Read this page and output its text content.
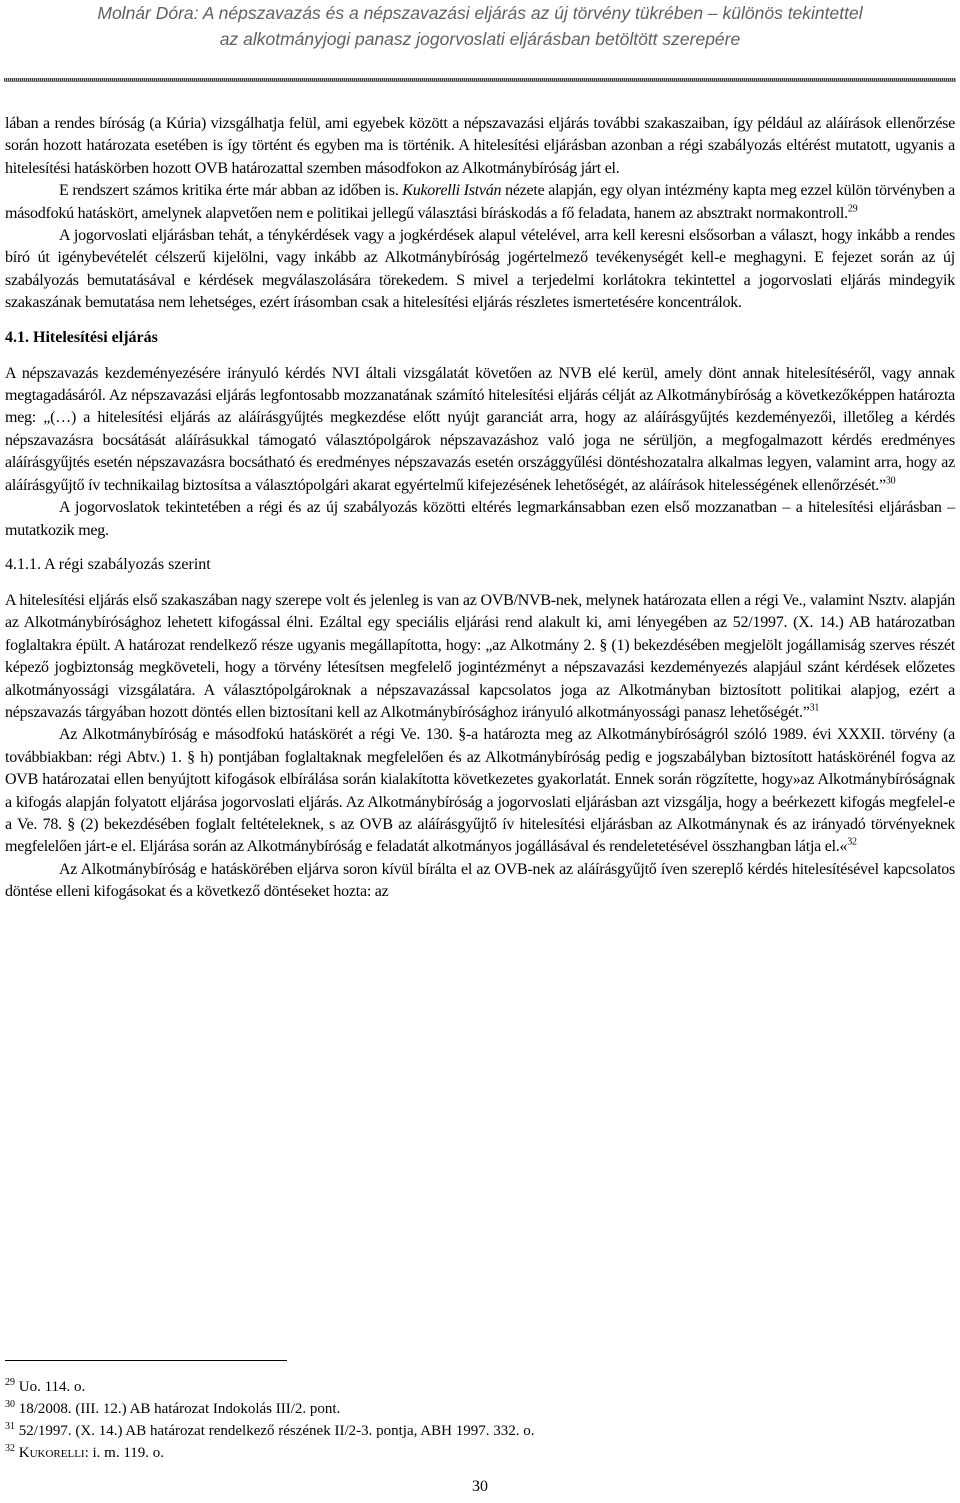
Molnár Dóra: A népszavazás és a népszavazási eljárás az új törvény tükrében – különös tekintettel
az alkotmányjogi panasz jogorvoslati eljárásban betöltött szerepére

lában a rendes bíróság (a Kúria) vizsgálhatja felül, ami egyebek között a népszavazási eljárás további szakaszaiban, így például az aláírások ellenőrzése során hozott határozata esetében is így történt és egyben ma is történik. A hitelesítési eljárásban azonban a régi szabályozás eltérést mutatott, ugyanis a hitelesítési hatáskörben hozott OVB határozattal szemben másodfokon az Alkotmánybíróság járt el.

E rendszert számos kritika érte már abban az időben is. Kukorelli István nézete alapján, egy olyan intézmény kapta meg ezzel külön törvényben a másodfokú hatáskört, amelynek alapvetően nem e politikai jellegű választási bíráskodás a fő feladata, hanem az absztrakt normakontroll.$^{29}$

A jogorvoslati eljárásban tehát, a ténykérdések vagy a jogkérdések alapul vételével, arra kell keresni elsősorban a választ, hogy inkább a rendes bíró út igénybevételét célszerű kijelölni, vagy inkább az Alkotmánybíróság jogértelmező tevékenységét kell-e meghagyni. E fejezet során az új szabályozás bemutatásával e kérdések megválaszolására törekedem. S mivel a terjedelmi korlátokra tekintettel a jogorvoslati eljárás mindegyik szakaszának bemutatása nem lehetséges, ezért írásomban csak a hitelesítési eljárás részletes ismertetésére koncentrálok.

4.1. Hitelesítési eljárás

A népszavazás kezdeményezésére irányuló kérdés NVI általi vizsgálatát követően az NVB elé kerül, amely dönt annak hitelesítéséről, vagy annak megtagadásáról. Az népszavazási eljárás legfontosabb mozzanatának számító hitelesítési eljárás célját az Alkotmánybíróság a következőképpen határozta meg: „(…) a hitelesítési eljárás az aláírásgyűjtés megkezdése előtt nyújt garanciát arra, hogy az aláírásgyűjtés kezdeményezői, illetőleg a kérdés népszavazásra bocsátását aláírásukkal támogató választópolgárok népszavazáshoz való joga ne sérüljön, a megfogalmazott kérdés eredményes aláírásgyűjtés esetén népszavazásra bocsátható és eredményes népszavazás esetén országgyűlési döntéshozatalra alkalmas legyen, valamint arra, hogy az aláírásgyűjtő ív technikailag biztosítsa a választópolgári akarat egyértelmű kifejezésének lehetőségét, az aláírások hitelességének ellenőrzését.”$^{30}$

A jogorvoslatok tekintetében a régi és az új szabályozás közötti eltérés legmarkánsabban ezen első mozzanatban – a hitelesítési eljárásban – mutatkozik meg.

4.1.1. A régi szabályozás szerint

A hitelesítési eljárás első szakaszában nagy szerepe volt és jelenleg is van az OVB/NVB-nek, melynek határozata ellen a régi Ve., valamint Nsztv. alapján az Alkotmánybírósághoz lehetett kifogással élni. Ezáltal egy speciális eljárási rend alakult ki, ami lényegében az 52/1997. (X. 14.) AB határozatban foglaltakra épült. A határozat rendelkező része ugyanis megállapította, hogy: „az Alkotmány 2. § (1) bekezdésében megjelölt jogállamiság szerves részét képező jogbiztonság megköveteli, hogy a törvény létesítsen megfelelő jogintézményt a népszavazási kezdeményezés alapjául szánt kérdések előzetes alkotmányossági vizsgálatára. A választópolgároknak a népszavazással kapcsolatos joga az Alkotmányban biztosított politikai alapjog, ezért a népszavazás tárgyában hozott döntés ellen biztosítani kell az Alkotmánybírósághoz irányuló alkotmányossági panasz lehetőségét.”$^{31}$

Az Alkotmánybíróság e másodfokú hatáskörét a régi Ve. 130. §-a határozta meg az Alkotmánybíróságról szóló 1989. évi XXXII. törvény (a továbbiakban: régi Abtv.) 1. § h) pontjában foglaltaknak megfelelően és az Alkotmánybíróság pedig e jogszabályban biztosított hatáskörénél fogva az OVB határozatai ellen benyújtott kifogások elbírálása során kialakította következetes gyakorlatát. Ennek során rögzítette, hogy»az Alkotmánybíróságnak a kifogás alapján folyatott eljárása jogorvoslati eljárás. Az Alkotmánybíróság a jogorvoslati eljárásban azt vizsgálja, hogy a beérkezett kifogás megfelel-e a Ve. 78. § (2) bekezdésében foglalt feltételeknek, s az OVB az aláírásgyűjtő ív hitelesítési eljárásban az Alkotmánynak és az irányadó törvényeknek megfelelően járt-e el. Eljárása során az Alkotmánybíróság e feladatát alkotmányos jogállásával és rendeletetésével összhangban látja el.«$^{32}$

Az Alkotmánybíróság e hatáskörében eljárva soron kívül bírálta el az OVB-nek az aláírásgyűjtő íven szereplő kérdés hitelesítésével kapcsolatos döntése elleni kifogásokat és a következő döntéseket hozta: az

$^{29}$ Uo. 114. o.
$^{30}$ 18/2008. (III. 12.) AB határozat Indokolás III/2. pont.
$^{31}$ 52/1997. (X. 14.) AB határozat rendelkező részének II/2-3. pontja, ABH 1997. 332. o.
$^{32}$ Kukorelli: i. m. 119. o.
30
